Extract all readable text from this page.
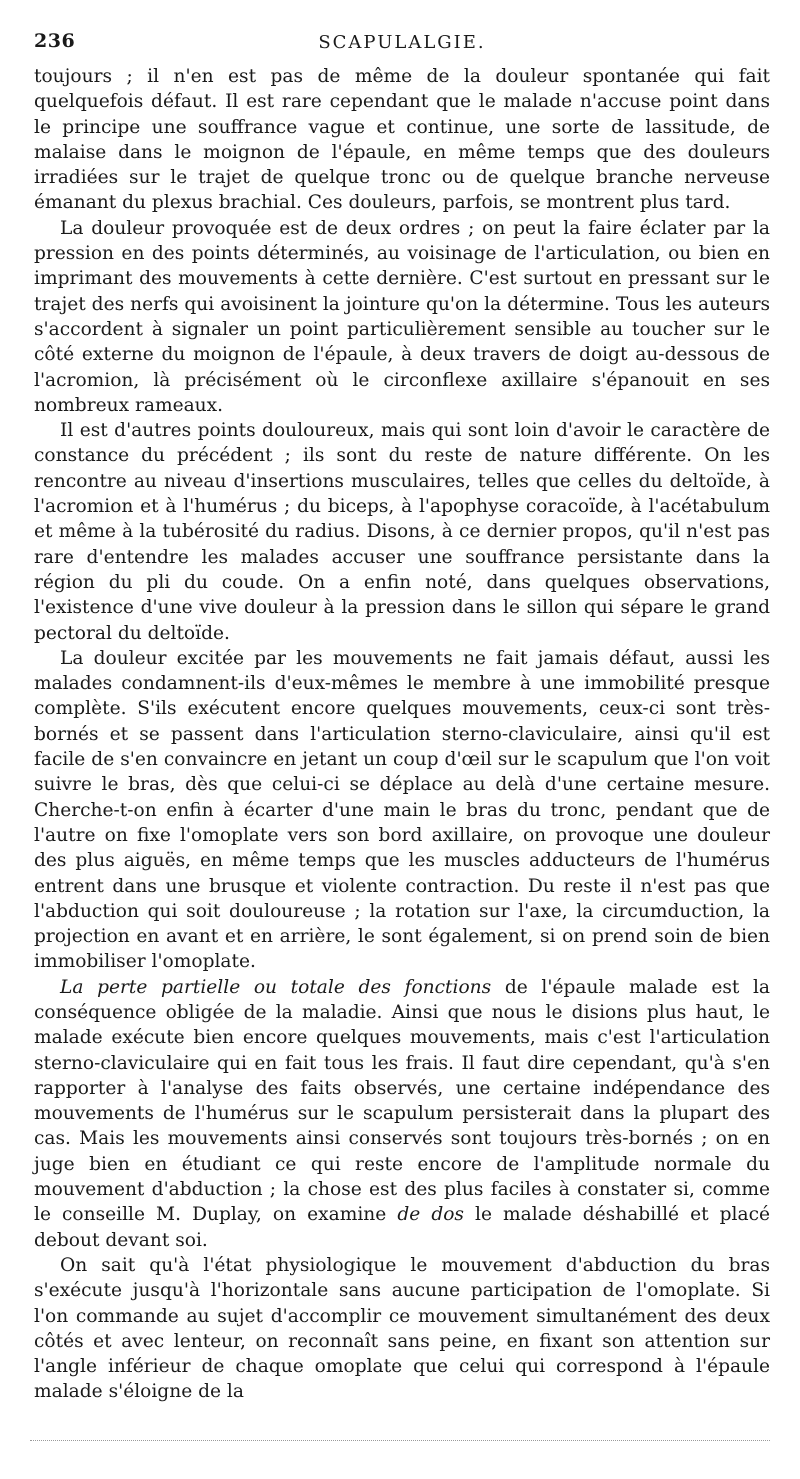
236	SCAPULALGIE.

toujours ; il n'en est pas de même de la douleur spontanée qui fait quelquefois défaut. Il est rare cependant que le malade n'accuse point dans le principe une souffrance vague et continue, une sorte de lassitude, de malaise dans le moignon de l'épaule, en même temps que des douleurs irradiées sur le trajet de quelque tronc ou de quelque branche nerveuse émanant du plexus brachial. Ces douleurs, parfois, se montrent plus tard.

La douleur provoquée est de deux ordres ; on peut la faire éclater par la pression en des points déterminés, au voisinage de l'articulation, ou bien en imprimant des mouvements à cette dernière. C'est surtout en pressant sur le trajet des nerfs qui avoisinent la jointure qu'on la détermine. Tous les auteurs s'accordent à signaler un point particulièrement sensible au toucher sur le côté externe du moignon de l'épaule, à deux travers de doigt au-dessous de l'acromion, là précisément où le circonflexe axillaire s'épanouit en ses nombreux rameaux.

Il est d'autres points douloureux, mais qui sont loin d'avoir le caractère de constance du précédent ; ils sont du reste de nature différente. On les rencontre au niveau d'insertions musculaires, telles que celles du deltoïde, à l'acromion et à l'humérus ; du biceps, à l'apophyse coracoïde, à l'acétabulum et même à la tubérosité du radius. Disons, à ce dernier propos, qu'il n'est pas rare d'entendre les malades accuser une souffrance persistante dans la région du pli du coude. On a enfin noté, dans quelques observations, l'existence d'une vive douleur à la pression dans le sillon qui sépare le grand pectoral du deltoïde.

La douleur excitée par les mouvements ne fait jamais défaut, aussi les malades condamnent-ils d'eux-mêmes le membre à une immobilité presque complète. S'ils exécutent encore quelques mouvements, ceux-ci sont très-bornés et se passent dans l'articulation sterno-claviculaire, ainsi qu'il est facile de s'en convaincre en jetant un coup d'œil sur le scapulum que l'on voit suivre le bras, dès que celui-ci se déplace au delà d'une certaine mesure. Cherche-t-on enfin à écarter d'une main le bras du tronc, pendant que de l'autre on fixe l'omoplate vers son bord axillaire, on provoque une douleur des plus aiguës, en même temps que les muscles adducteurs de l'humérus entrent dans une brusque et violente contraction. Du reste il n'est pas que l'abduction qui soit douloureuse ; la rotation sur l'axe, la circumduction, la projection en avant et en arrière, le sont également, si on prend soin de bien immobiliser l'omoplate.

La perte partielle ou totale des fonctions de l'épaule malade est la conséquence obligée de la maladie. Ainsi que nous le disions plus haut, le malade exécute bien encore quelques mouvements, mais c'est l'articulation sterno-claviculaire qui en fait tous les frais. Il faut dire cependant, qu'à s'en rapporter à l'analyse des faits observés, une certaine indépendance des mouvements de l'humérus sur le scapulum persisterait dans la plupart des cas. Mais les mouvements ainsi conservés sont toujours très-bornés ; on en juge bien en étudiant ce qui reste encore de l'amplitude normale du mouvement d'abduction ; la chose est des plus faciles à constater si, comme le conseille M. Duplay, on examine de dos le malade déshabillé et placé debout devant soi.

On sait qu'à l'état physiologique le mouvement d'abduction du bras s'exécute jusqu'à l'horizontale sans aucune participation de l'omoplate. Si l'on commande au sujet d'accomplir ce mouvement simultanément des deux côtés et avec lenteur, on reconnaît sans peine, en fixant son attention sur l'angle inférieur de chaque omoplate que celui qui correspond à l'épaule malade s'éloigne de la
